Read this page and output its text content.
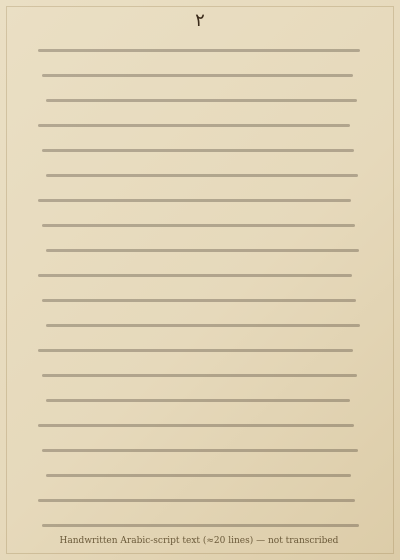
٢
Handwritten Arabic-script text (≈20 lines) — not transcribed
